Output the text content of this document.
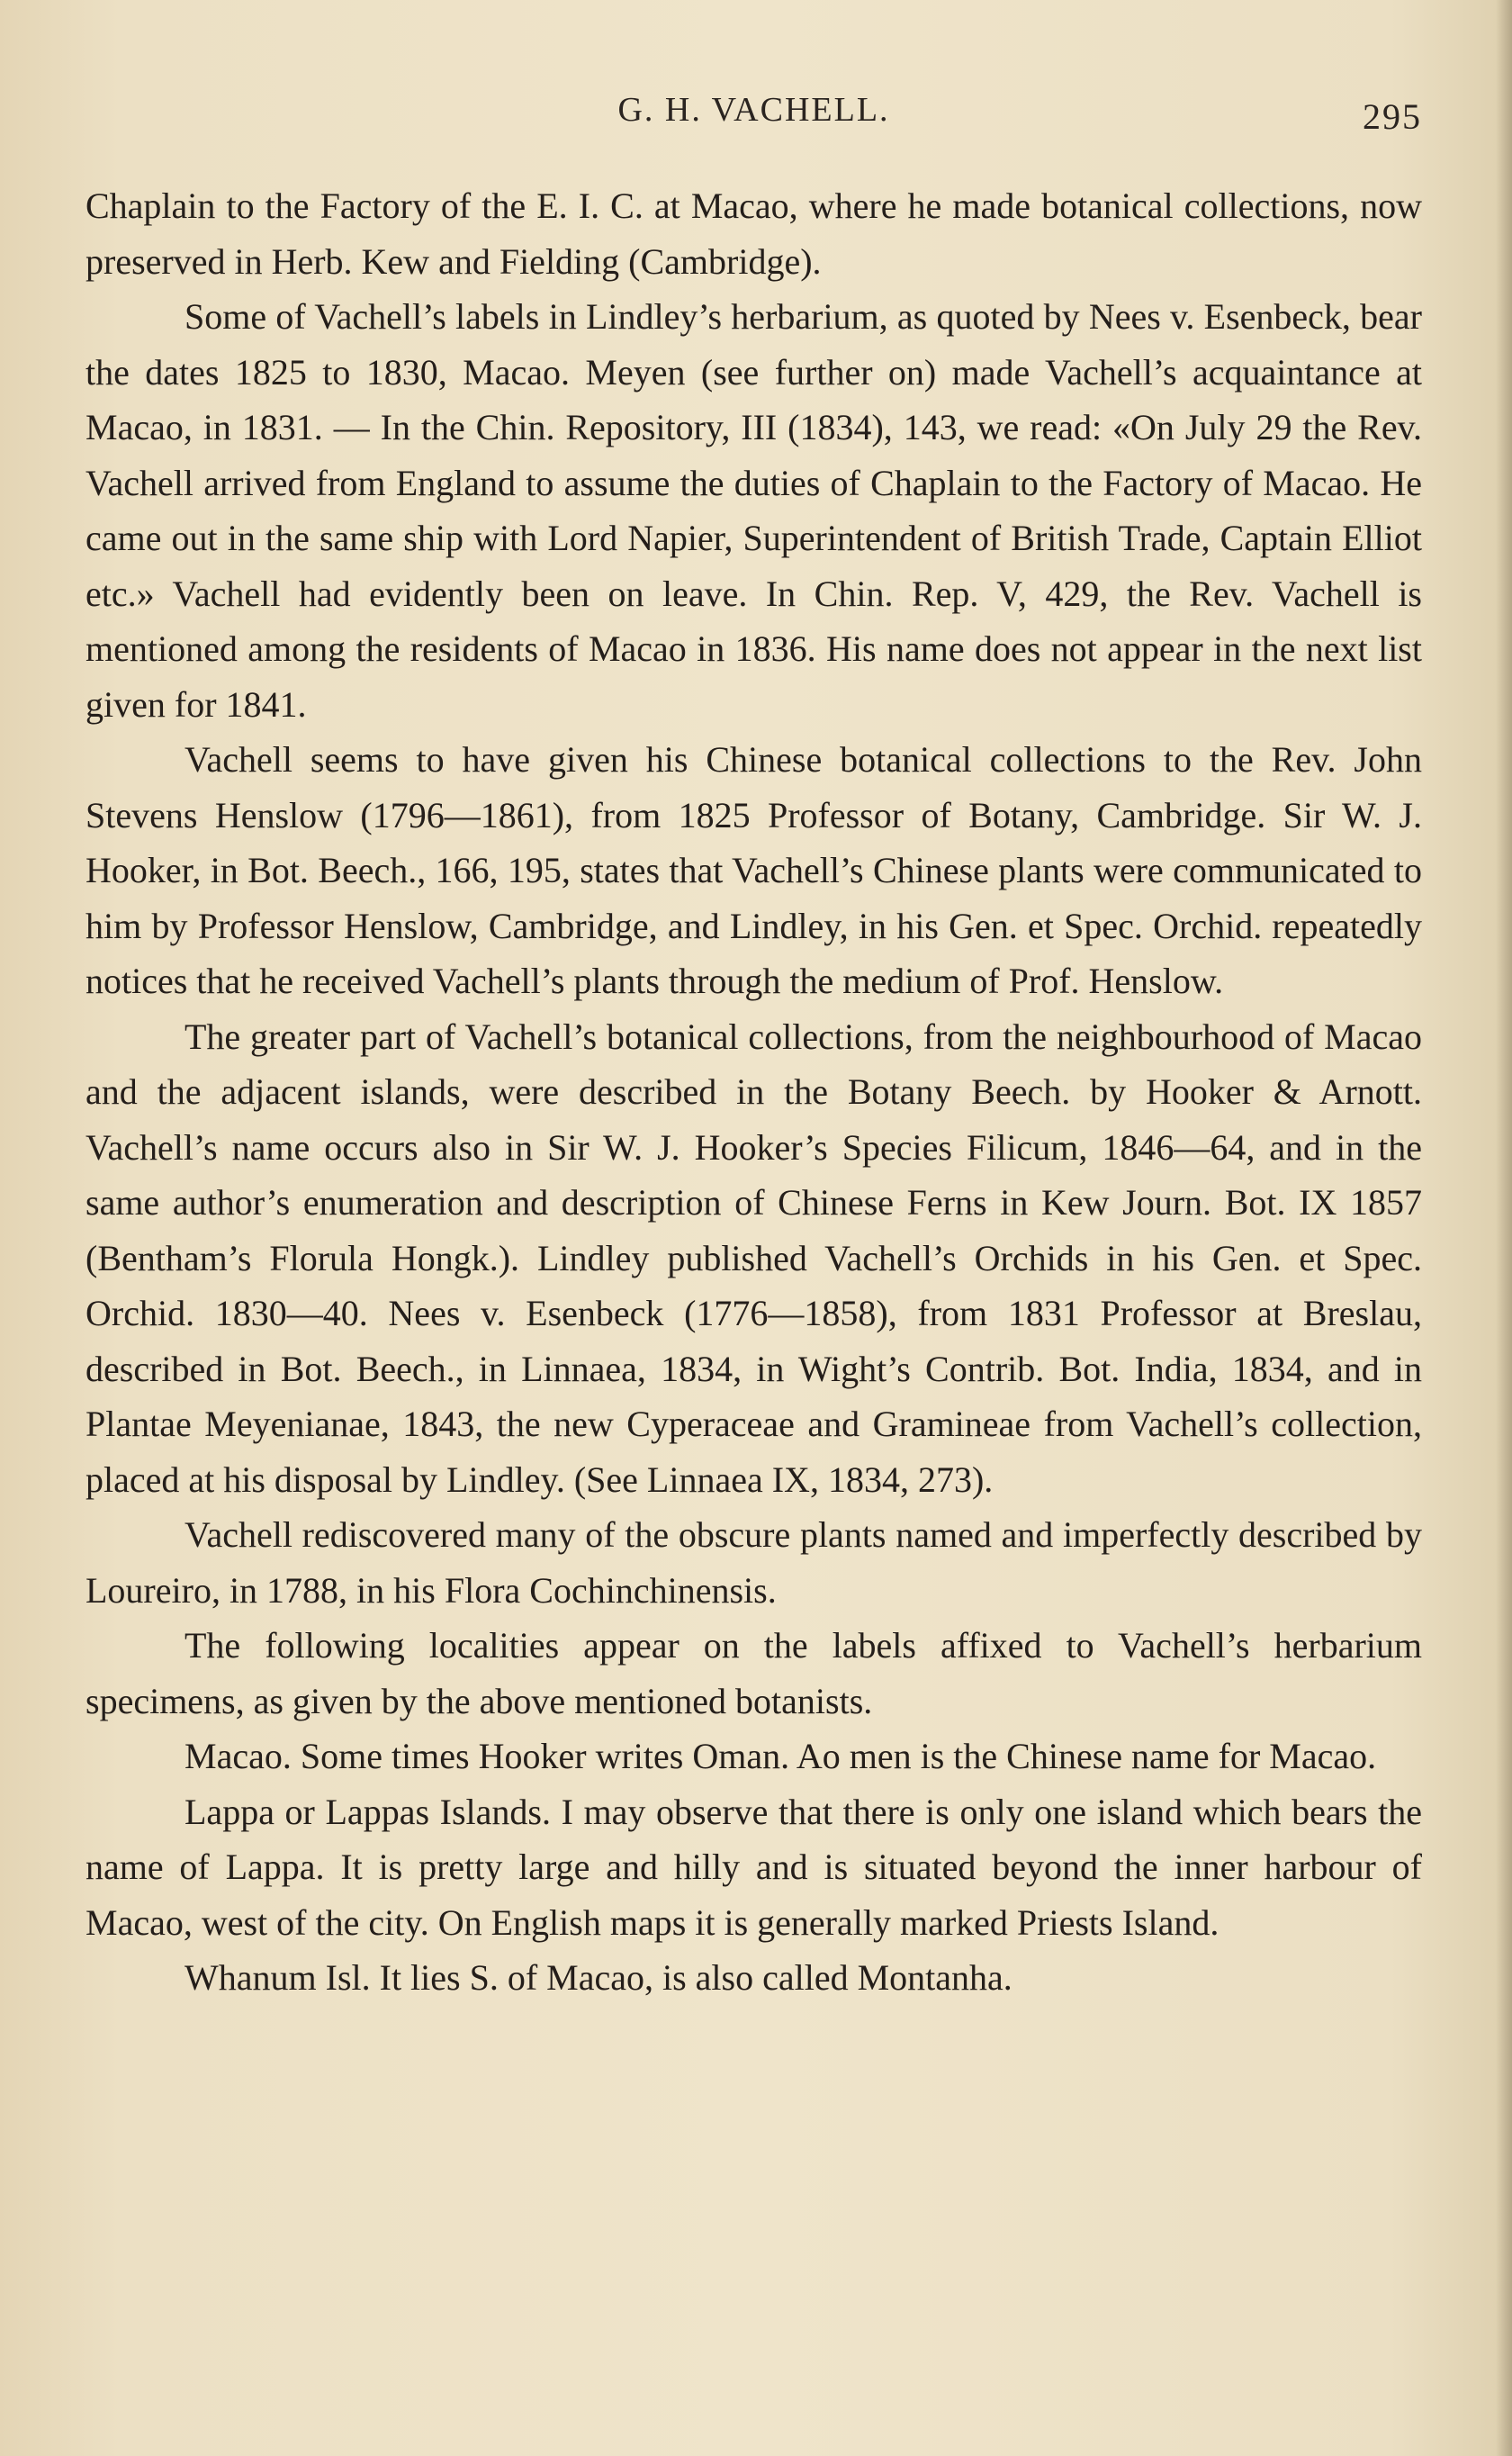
G. H. VACHELL.	295

Chaplain to the Factory of the E. I. C. at Macao, where he made botanical collections, now preserved in Herb. Kew and Fielding (Cambridge).

Some of Vachell’s labels in Lindley’s herbarium, as quoted by Nees v. Esenbeck, bear the dates 1825 to 1830, Macao. Meyen (see further on) made Vachell’s acquaintance at Macao, in 1831. — In the Chin. Repository, III (1834), 143, we read: «On July 29 the Rev. Vachell arrived from England to assume the duties of Chaplain to the Factory of Macao. He came out in the same ship with Lord Napier, Superintendent of British Trade, Captain Elliot etc.» Vachell had evidently been on leave. In Chin. Rep. V, 429, the Rev. Vachell is mentioned among the residents of Macao in 1836. His name does not appear in the next list given for 1841.

Vachell seems to have given his Chinese botanical collections to the Rev. John Stevens Henslow (1796—1861), from 1825 Professor of Botany, Cambridge. Sir W. J. Hooker, in Bot. Beech., 166, 195, states that Vachell’s Chinese plants were communicated to him by Professor Henslow, Cambridge, and Lindley, in his Gen. et Spec. Orchid. repeatedly notices that he received Vachell’s plants through the medium of Prof. Henslow.

The greater part of Vachell’s botanical collections, from the neighbourhood of Macao and the adjacent islands, were described in the Botany Beech. by Hooker & Arnott. Vachell’s name occurs also in Sir W. J. Hooker’s Species Filicum, 1846—64, and in the same author’s enumeration and description of Chinese Ferns in Kew Journ. Bot. IX 1857 (Bentham’s Florula Hongk.). Lindley published Vachell’s Orchids in his Gen. et Spec. Orchid. 1830—40. Nees v. Esenbeck (1776—1858), from 1831 Professor at Breslau, described in Bot. Beech., in Linnaea, 1834, in Wight’s Contrib. Bot. India, 1834, and in Plantae Meyenianae, 1843, the new Cyperaceae and Gramineae from Vachell’s collection, placed at his disposal by Lindley. (See Linnaea IX, 1834, 273).

Vachell rediscovered many of the obscure plants named and imperfectly described by Loureiro, in 1788, in his Flora Cochinchinensis.

The following localities appear on the labels affixed to Vachell’s herbarium specimens, as given by the above mentioned botanists.

Macao. Some times Hooker writes Oman. Ao men is the Chinese name for Macao.

Lappa or Lappas Islands. I may observe that there is only one island which bears the name of Lappa. It is pretty large and hilly and is situated beyond the inner harbour of Macao, west of the city. On English maps it is generally marked Priests Island.

Whanum Isl. It lies S. of Macao, is also called Montanha.
